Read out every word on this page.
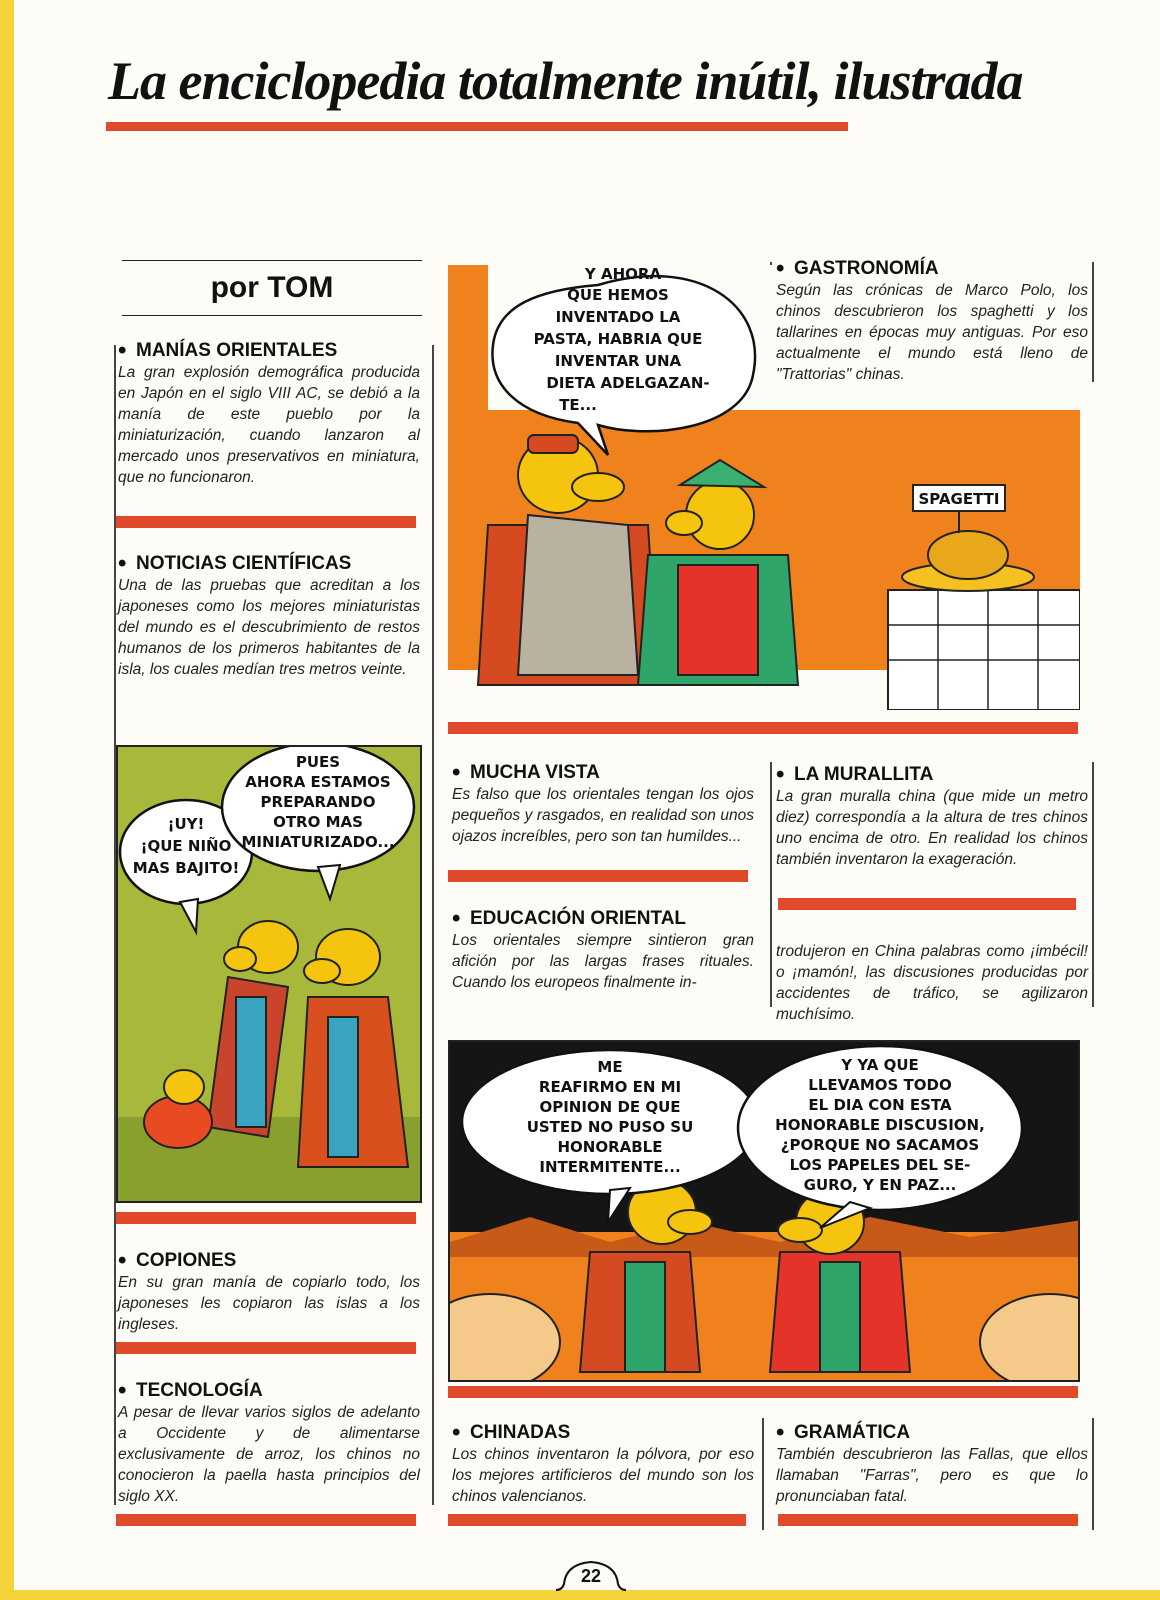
La enciclopedia totalmente inútil, ilustrada
por TOM
• MANÍAS ORIENTALES

La gran explosión demográfica producida en Japón en el siglo VIII AC, se debió a la manía de este pueblo por la miniaturización, cuando lanzaron al mercado unos preservativos en miniatura, que no funcionaron.

• NOTICIAS CIENTÍFICAS

Una de las pruebas que acreditan a los japoneses como los mejores miniaturistas del mundo es el descubrimiento de restos humanos de los primeros habitantes de la isla, los cuales medían tres metros veinte.

¡UY!
¡QUE NIÑO
MAS BAJITO!
PUES
AHORA ESTAMOS
PREPARANDO
OTRO MAS
MINIATURIZADO...
• COPIONES

En su gran manía de copiarlo todo, los japoneses les copiaron las islas a los ingleses.

• TECNOLOGÍA

A pesar de llevar varios siglos de adelanto a Occidente y de alimentarse exclusivamente de arroz, los chinos no conocieron la paella hasta principios del siglo XX.

SPAGETTI
Y AHORA
QUE HEMOS
INVENTADO LA
PASTA, HABRIA QUE
INVENTAR UNA
DIETA ADELGAZAN-
TE...
• GASTRONOMÍA

Según las crónicas de Marco Polo, los chinos descubrieron los spaghetti y los tallarines en épocas muy antiguas. Por eso actualmente el mundo está lleno de "Trattorias" chinas.

• MUCHA VISTA

Es falso que los orientales tengan los ojos pequeños y rasgados, en realidad son unos ojazos increíbles, pero son tan humildes...

• EDUCACIÓN ORIENTAL

Los orientales siempre sintieron gran afición por las largas frases rituales. Cuando los europeos finalmente in-

• LA MURALLITA

La gran muralla china (que mide un metro diez) correspondía a la altura de tres chinos uno encima de otro. En realidad los chinos también inventaron la exageración.

trodujeron en China palabras como ¡imbécil! o ¡mamón!, las discusiones producidas por accidentes de tráfico, se agilizaron muchísimo.

ME
REAFIRMO EN MI
OPINION DE QUE
USTED NO PUSO SU
HONORABLE
INTERMITENTE...
Y YA QUE
LLEVAMOS TODO
EL DIA CON ESTA
HONORABLE DISCUSION,
¿PORQUE NO SACAMOS
LOS PAPELES DEL SE-
GURO, Y EN PAZ...
• CHINADAS

Los chinos inventaron la pólvora, por eso los mejores artificieros del mundo son los chinos valencianos.

• GRAMÁTICA

También descubrieron las Fallas, que ellos llamaban "Farras", pero es que lo pronunciaban fatal.

22
